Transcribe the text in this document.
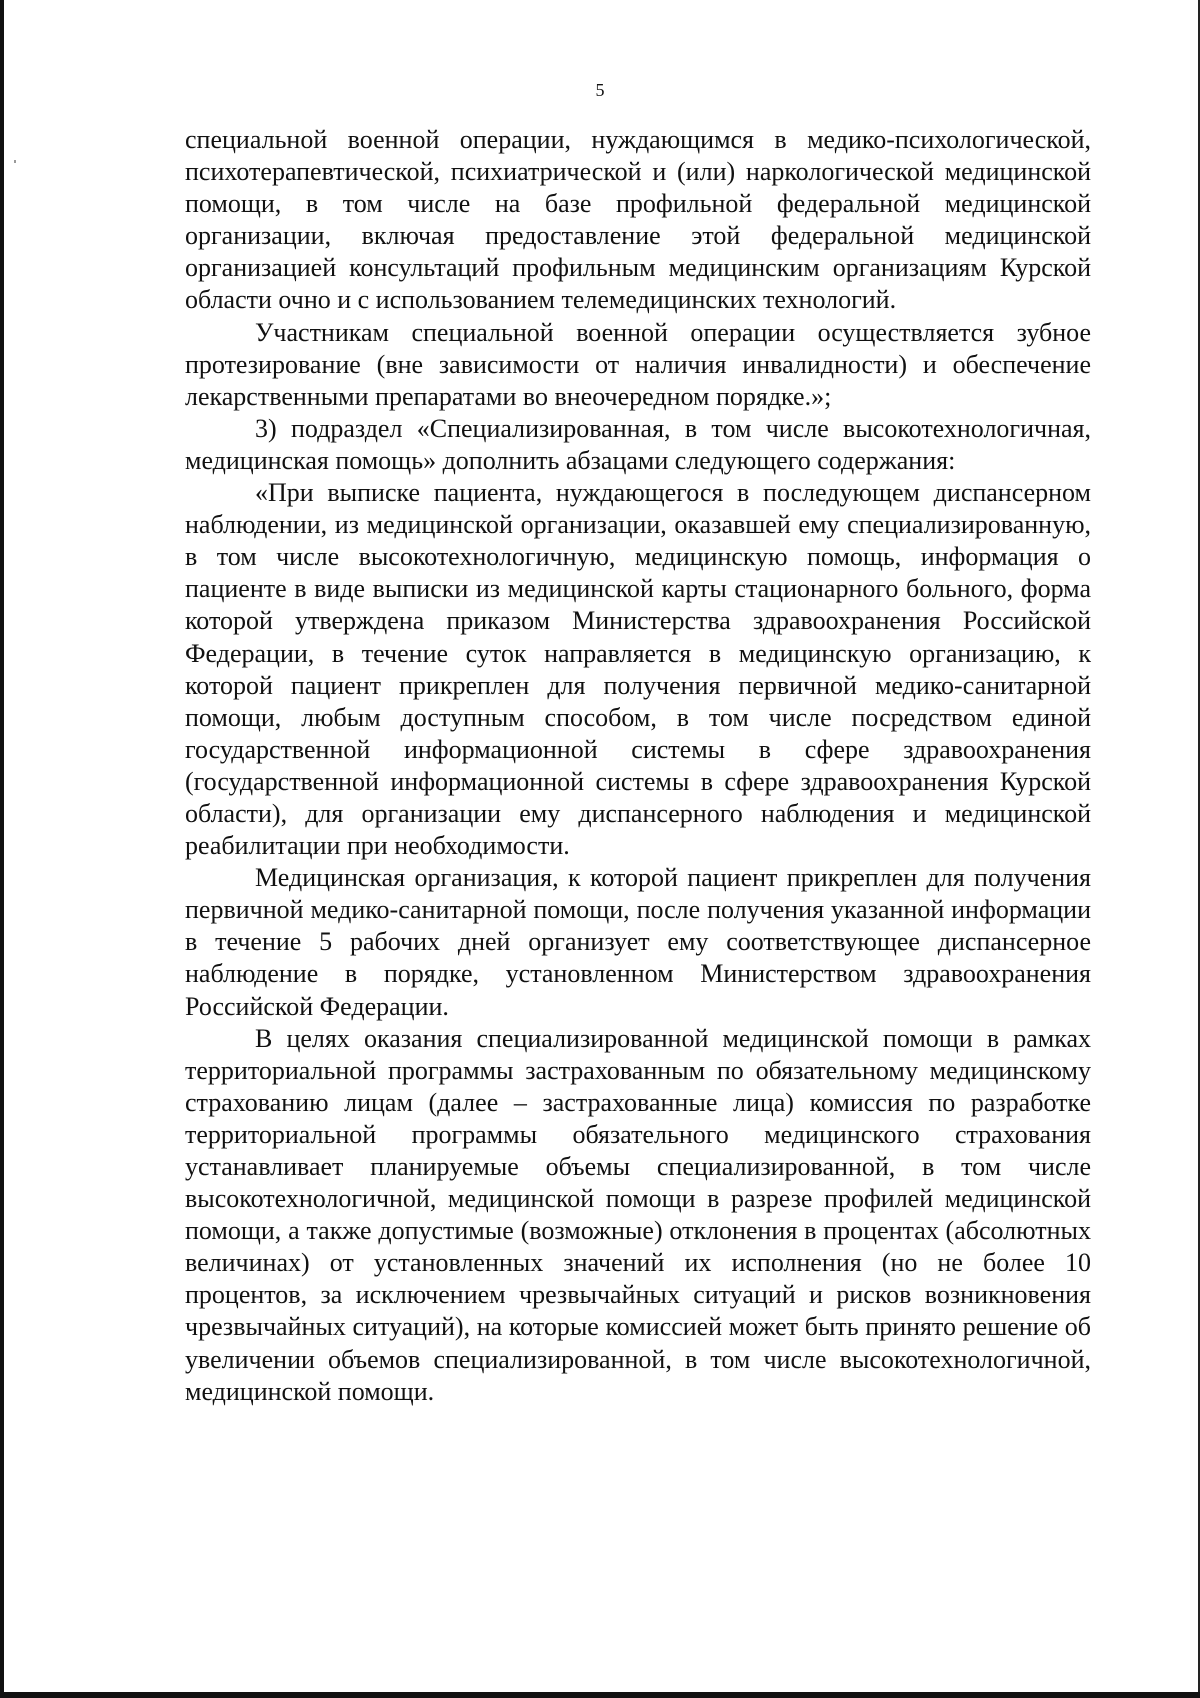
5

специальной военной операции, нуждающимся в медико-психологической, психотерапевтической, психиатрической и (или) наркологической медицинской помощи, в том числе на базе профильной федеральной медицинской организации, включая предоставление этой федеральной медицинской организацией консультаций профильным медицинским организациям Курской области очно и с использованием телемедицинских технологий.

Участникам специальной военной операции осуществляется зубное протезирование (вне зависимости от наличия инвалидности) и обеспечение лекарственными препаратами во внеочередном порядке.»;

3) подраздел «Специализированная, в том числе высокотехнологичная, медицинская помощь» дополнить абзацами следующего содержания:

«При выписке пациента, нуждающегося в последующем диспансерном наблюдении, из медицинской организации, оказавшей ему специализированную, в том числе высокотехнологичную, медицинскую помощь, информация о пациенте в виде выписки из медицинской карты стационарного больного, форма которой утверждена приказом Министерства здравоохранения Российской Федерации, в течение суток направляется в медицинскую организацию, к которой пациент прикреплен для получения первичной медико-санитарной помощи, любым доступным способом, в том числе посредством единой государственной информационной системы в сфере здравоохранения (государственной информационной системы в сфере здравоохранения Курской области), для организации ему диспансерного наблюдения и медицинской реабилитации при необходимости.

Медицинская организация, к которой пациент прикреплен для получения первичной медико-санитарной помощи, после получения указанной информации в течение 5 рабочих дней организует ему соответствующее диспансерное наблюдение в порядке, установленном Министерством здравоохранения Российской Федерации.

В целях оказания специализированной медицинской помощи в рамках территориальной программы застрахованным по обязательному медицинскому страхованию лицам (далее – застрахованные лица) комиссия по разработке территориальной программы обязательного медицинского страхования устанавливает планируемые объемы специализированной, в том числе высокотехнологичной, медицинской помощи в разрезе профилей медицинской помощи, а также допустимые (возможные) отклонения в процентах (абсолютных величинах) от установленных значений их исполнения (но не более 10 процентов, за исключением чрезвычайных ситуаций и рисков возникновения чрезвычайных ситуаций), на которые комиссией может быть принято решение об увеличении объемов специализированной, в том числе высокотехнологичной, медицинской помощи.
